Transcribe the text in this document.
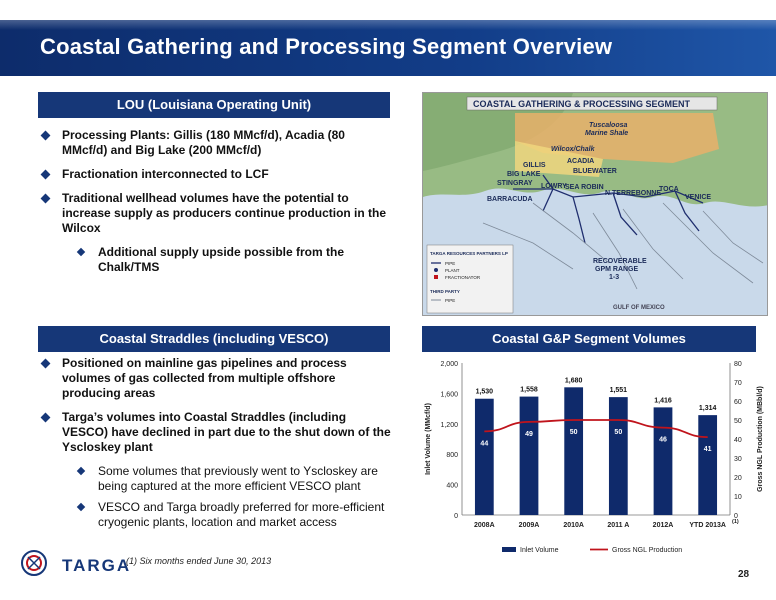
Coastal Gathering and Processing Segment Overview
LOU (Louisiana Operating Unit)
Processing Plants: Gillis (180 MMcf/d), Acadia (80 MMcf/d) and Big Lake (200 MMcf/d)
Fractionation interconnected to LCF
Traditional wellhead volumes have the potential to increase supply as producers continue production in the Wilcox
Additional supply upside possible from the Chalk/TMS
Coastal Straddles (including VESCO)
Positioned on mainline gas pipelines and process volumes of gas collected from multiple offshore producing areas
Targa’s volumes into Coastal Straddles (including VESCO) have declined in part due to the shut down of the Yscloskey plant
Some volumes that previously went to Yscloskey are being captured at the more efficient VESCO plant
VESCO and Targa broadly preferred for more-efficient cryogenic plants, location and market access
COASTAL GATHERING & PROCESSING SEGMENT
Tuscaloosa
Marine Shale
Wilcox/Chalk
GILLIS
ACADIA
BIG LAKE	BLUEWATER
STINGRAY LOWRY
SEA ROBIN
N.TERREBONNE
TOCA
BARRACUDA	VENICE
RECOVERABLE
GPM RANGE
1-3
GULF OF MEXICO
TARGA RESOURCES PARTNERS LP
PIPE
PLANT
FRACTIONATOR
THIRD PARTY
PIPE
Coastal G&P Segment Volumes
0
400
800
1,200
1,600
2,000
0
10
20
30
40
50
60
70
80
Inlet Volume (MMcf/d)	Gross NGL Production (MBbl/d)
1,530	1,558
1,680
1,551
1,416
1,314
44
49	50	50
46
41
2008A	2009A	2010A	2011 A	2012A YTD 2013A (1)
Inlet Volume	Gross NGL Production
TARGA
(1) Six months ended June 30, 2013
28
